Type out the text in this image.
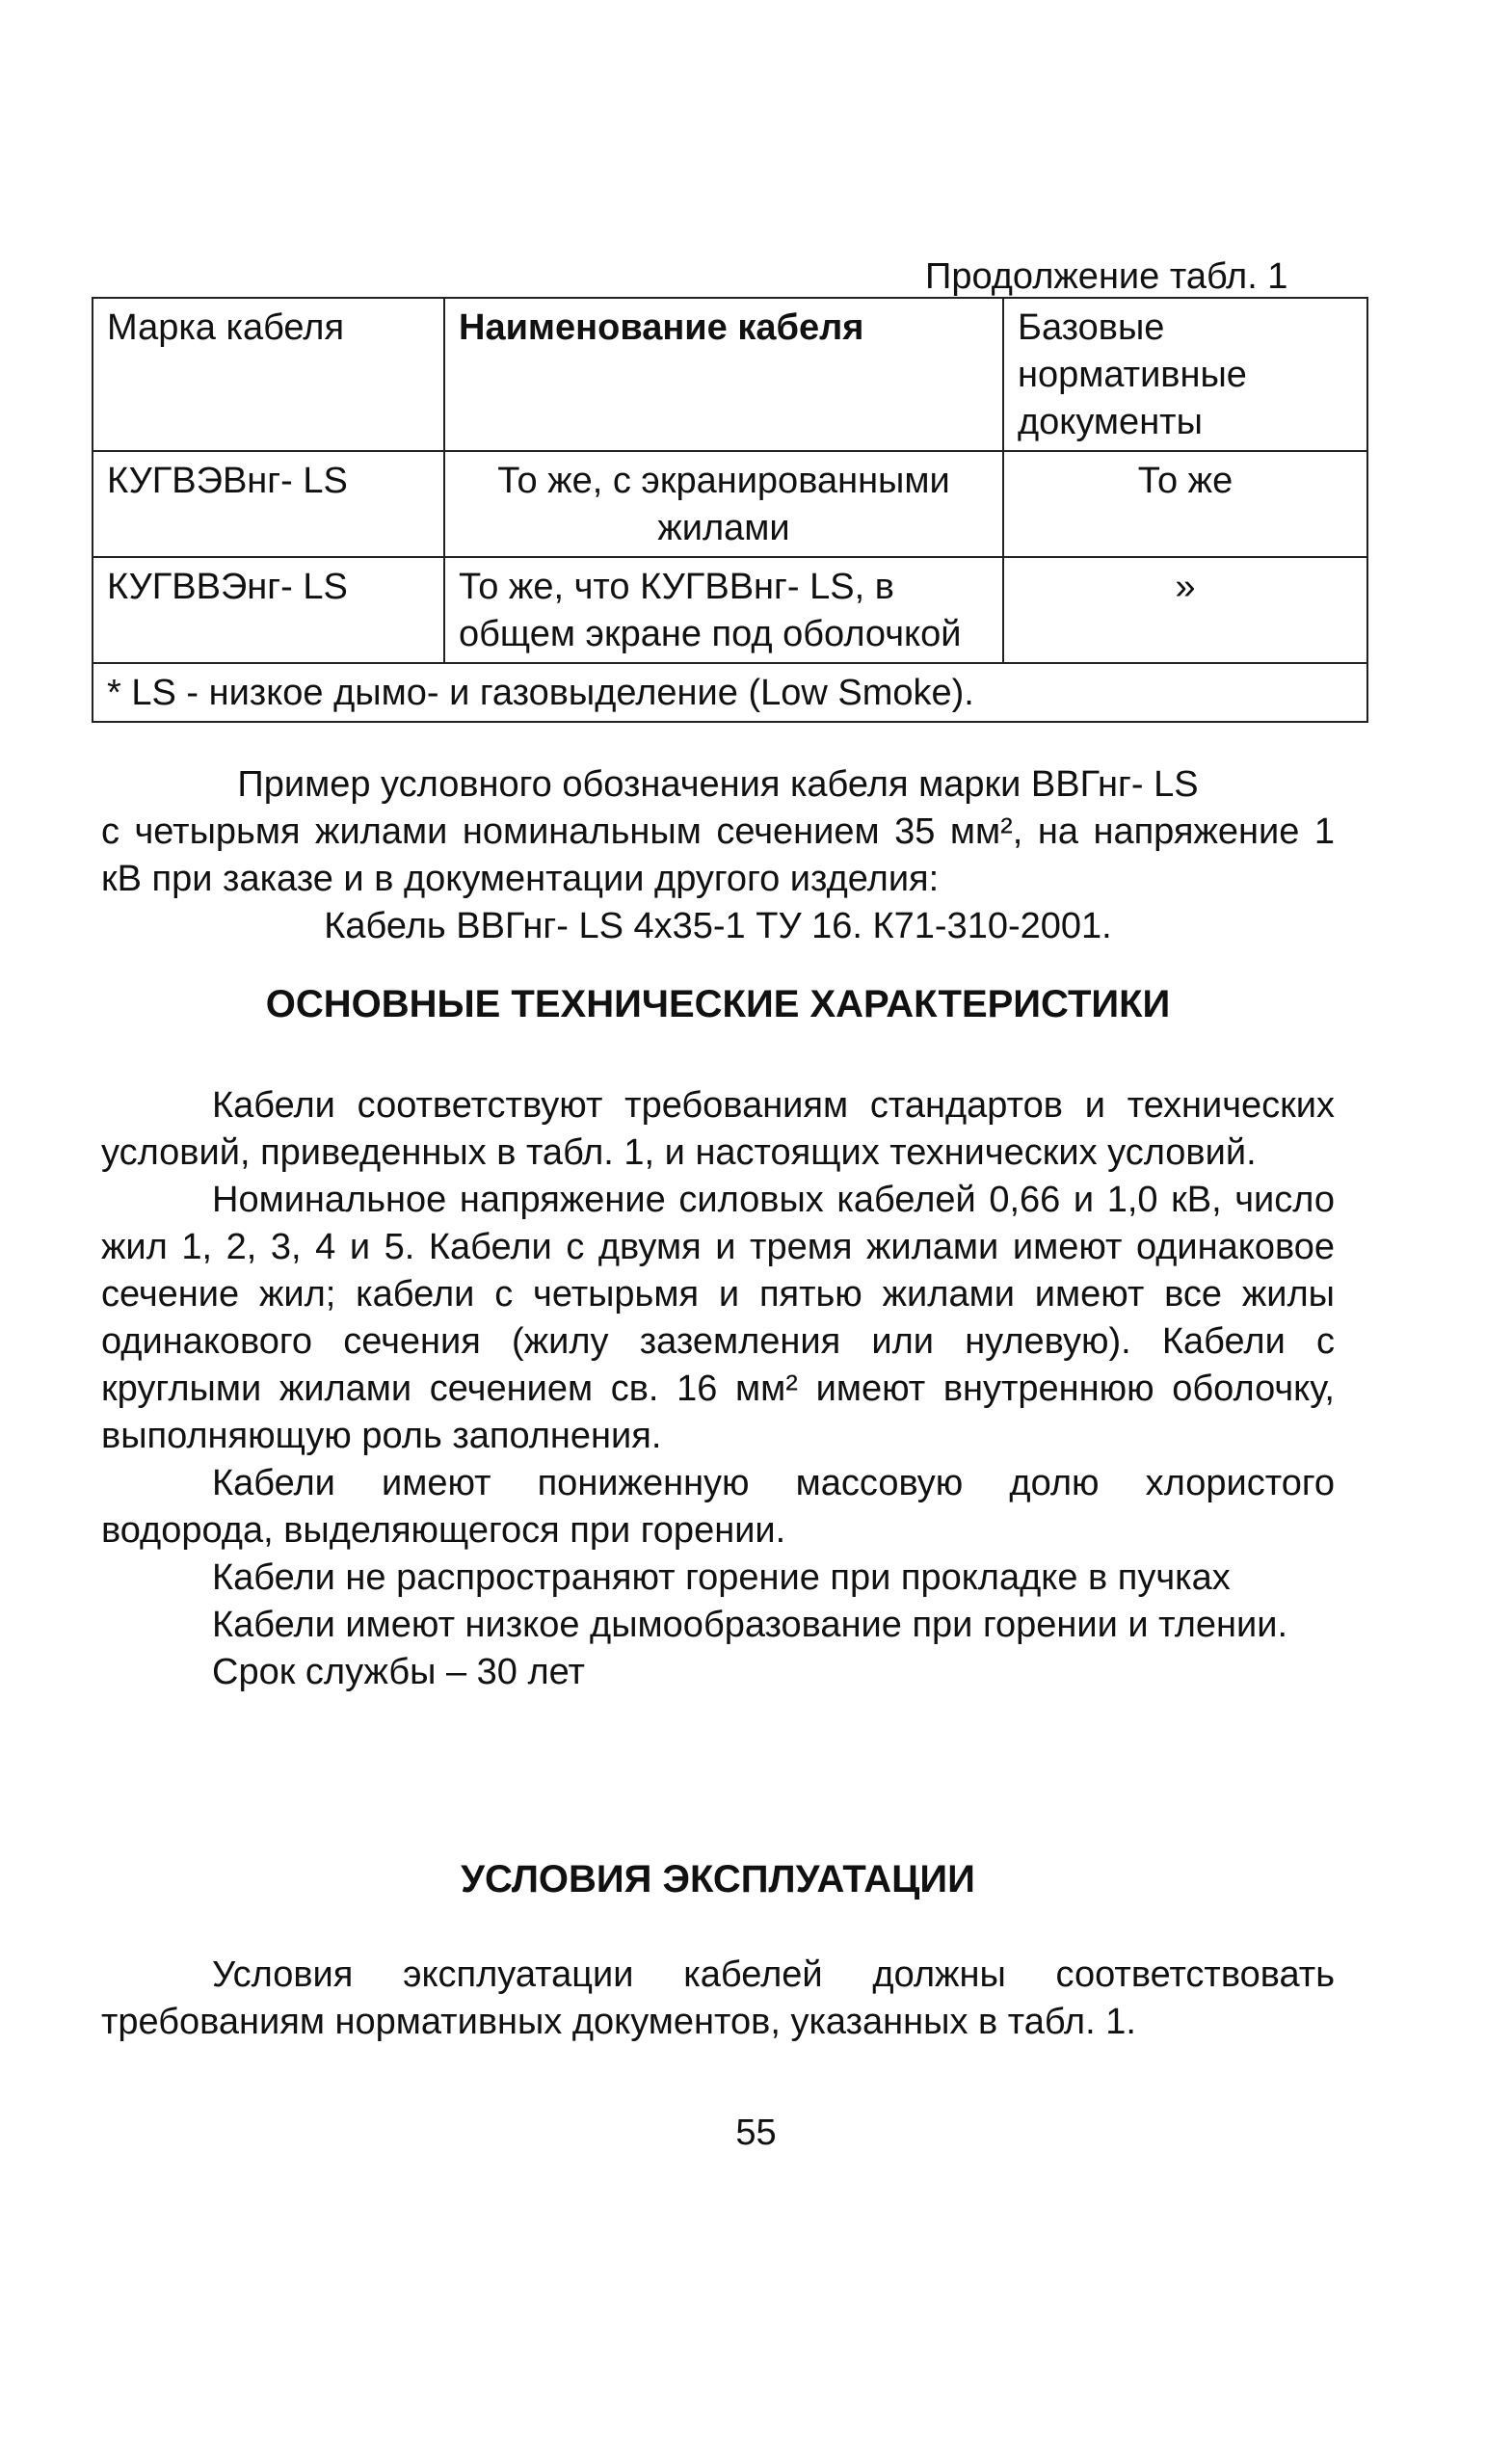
Продолжение табл. 1
Марка кабеля	Наименование кабеля	Базовые нормативные документы
КУГВЭВнг- LS	То же, с экранированными жилами	То же
КУГВВЭнг- LS	То же, что КУГВВнг- LS, в общем экране под оболочкой	»
* LS - низкое дымо- и газовыделение (Low Smoke).		

Пример условного обозначения кабеля марки ВВГнг- LS

с четырьмя жилами номинальным сечением 35 мм², на напряжение 1 кВ при заказе и в документации другого изделия:

Кабель ВВГнг- LS 4х35-1 ТУ 16. К71-310-2001.

ОСНОВНЫЕ ТЕХНИЧЕСКИЕ ХАРАКТЕРИСТИКИ

Кабели соответствуют требованиям стандартов и технических условий, приведенных в табл. 1, и настоящих технических условий.

Номинальное напряжение силовых кабелей 0,66 и 1,0 кВ, число жил 1, 2, 3, 4 и 5. Кабели с двумя и тремя жилами имеют одинаковое сечение жил; кабели с четырьмя и пятью жилами имеют все жилы одинакового сечения (жилу заземления или нулевую). Кабели с круглыми жилами сечением св. 16 мм² имеют внутреннюю оболочку, выполняющую роль заполнения.

Кабели имеют пониженную массовую долю хлористого водорода, выделяющегося при горении.

Кабели не распространяют горение при прокладке в пучках

Кабели имеют низкое дымообразование при горении и тлении.

Срок службы – 30 лет

УСЛОВИЯ ЭКСПЛУАТАЦИИ

Условия эксплуатации кабелей должны соответствовать требованиям нормативных документов, указанных в табл. 1.

55
